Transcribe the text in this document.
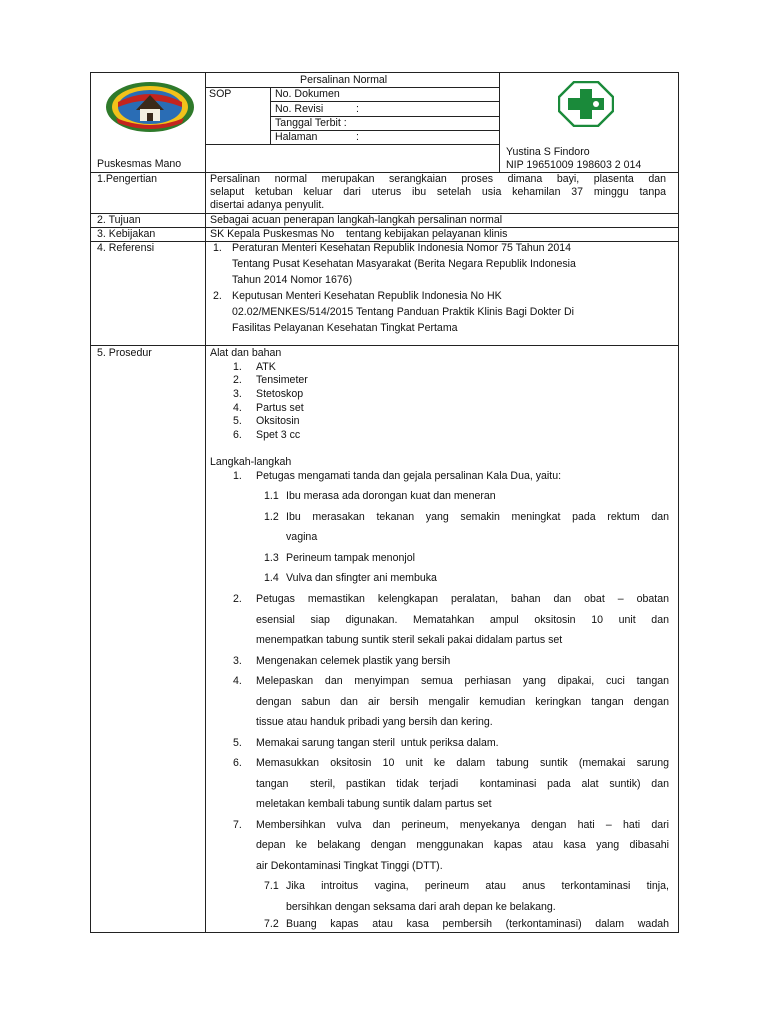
Persalinan Normal
SOP	No. Dokumen
No. Revisi	:
Tanggal Terbit :
Halaman	:
Puskesmas Mano
Yustina S Findoro
NIP 19651009 198603 2 014
1.Pengertian	Persalinan normal merupakan serangkaian proses dimana bayi, plasenta dan
selaput ketuban keluar dari uterus ibu setelah usia kehamilan 37 minggu tanpa
disertai adanya penyulit.
2. Tujuan	Sebagai acuan penerapan langkah-langkah persalinan normal
3. Kebijakan	SK Kepala Puskesmas No    tentang kebijakan pelayanan klinis
4. Referensi	1. Peraturan Menteri Kesehatan Republik Indonesia Nomor 75 Tahun 2014
Tentang Pusat Kesehatan Masyarakat (Berita Negara Republik Indonesia
Tahun 2014 Nomor 1676)
2. Keputusan Menteri Kesehatan Republik Indonesia No HK
02.02/MENKES/514/2015 Tentang Panduan Praktik Klinis Bagi Dokter Di
Fasilitas Pelayanan Kesehatan Tingkat Pertama
5. Prosedur	Alat dan bahan
1. ATK
2. Tensimeter
3. Stetoskop
4. Partus set
5. Oksitosin
6. Spet 3 cc
Langkah-langkah
1. Petugas mengamati tanda dan gejala persalinan Kala Dua, yaitu:
1.1 Ibu merasa ada dorongan kuat dan meneran
1.2 Ibu merasakan tekanan yang semakin meningkat pada rektum dan
vagina
1.3 Perineum tampak menonjol
1.4 Vulva dan sfingter ani membuka
2. Petugas memastikan kelengkapan peralatan, bahan dan obat – obatan
esensial siap digunakan. Mematahkan ampul oksitosin 10 unit dan
menempatkan tabung suntik steril sekali pakai didalam partus set
3. Mengenakan celemek plastik yang bersih
4. Melepaskan dan menyimpan semua perhiasan yang dipakai, cuci tangan
dengan sabun dan air bersih mengalir kemudian keringkan tangan dengan
tissue atau handuk pribadi yang bersih dan kering.
5. Memakai sarung tangan steril  untuk periksa dalam.
6. Memasukkan oksitosin 10 unit ke dalam tabung suntik (memakai sarung
tangan  steril, pastikan tidak terjadi  kontaminasi pada alat suntik) dan
meletakan kembali tabung suntik dalam partus set
7. Membersihkan vulva dan perineum, menyekanya dengan hati – hati dari
depan ke belakang dengan menggunakan kapas atau kasa yang dibasahi
air Dekontaminasi Tingkat Tinggi (DTT).
7.1 Jika introitus vagina, perineum atau anus terkontaminasi tinja,
bersihkan dengan seksama dari arah depan ke belakang.
7.2 Buang kapas atau kasa pembersih (terkontaminasi) dalam wadah
